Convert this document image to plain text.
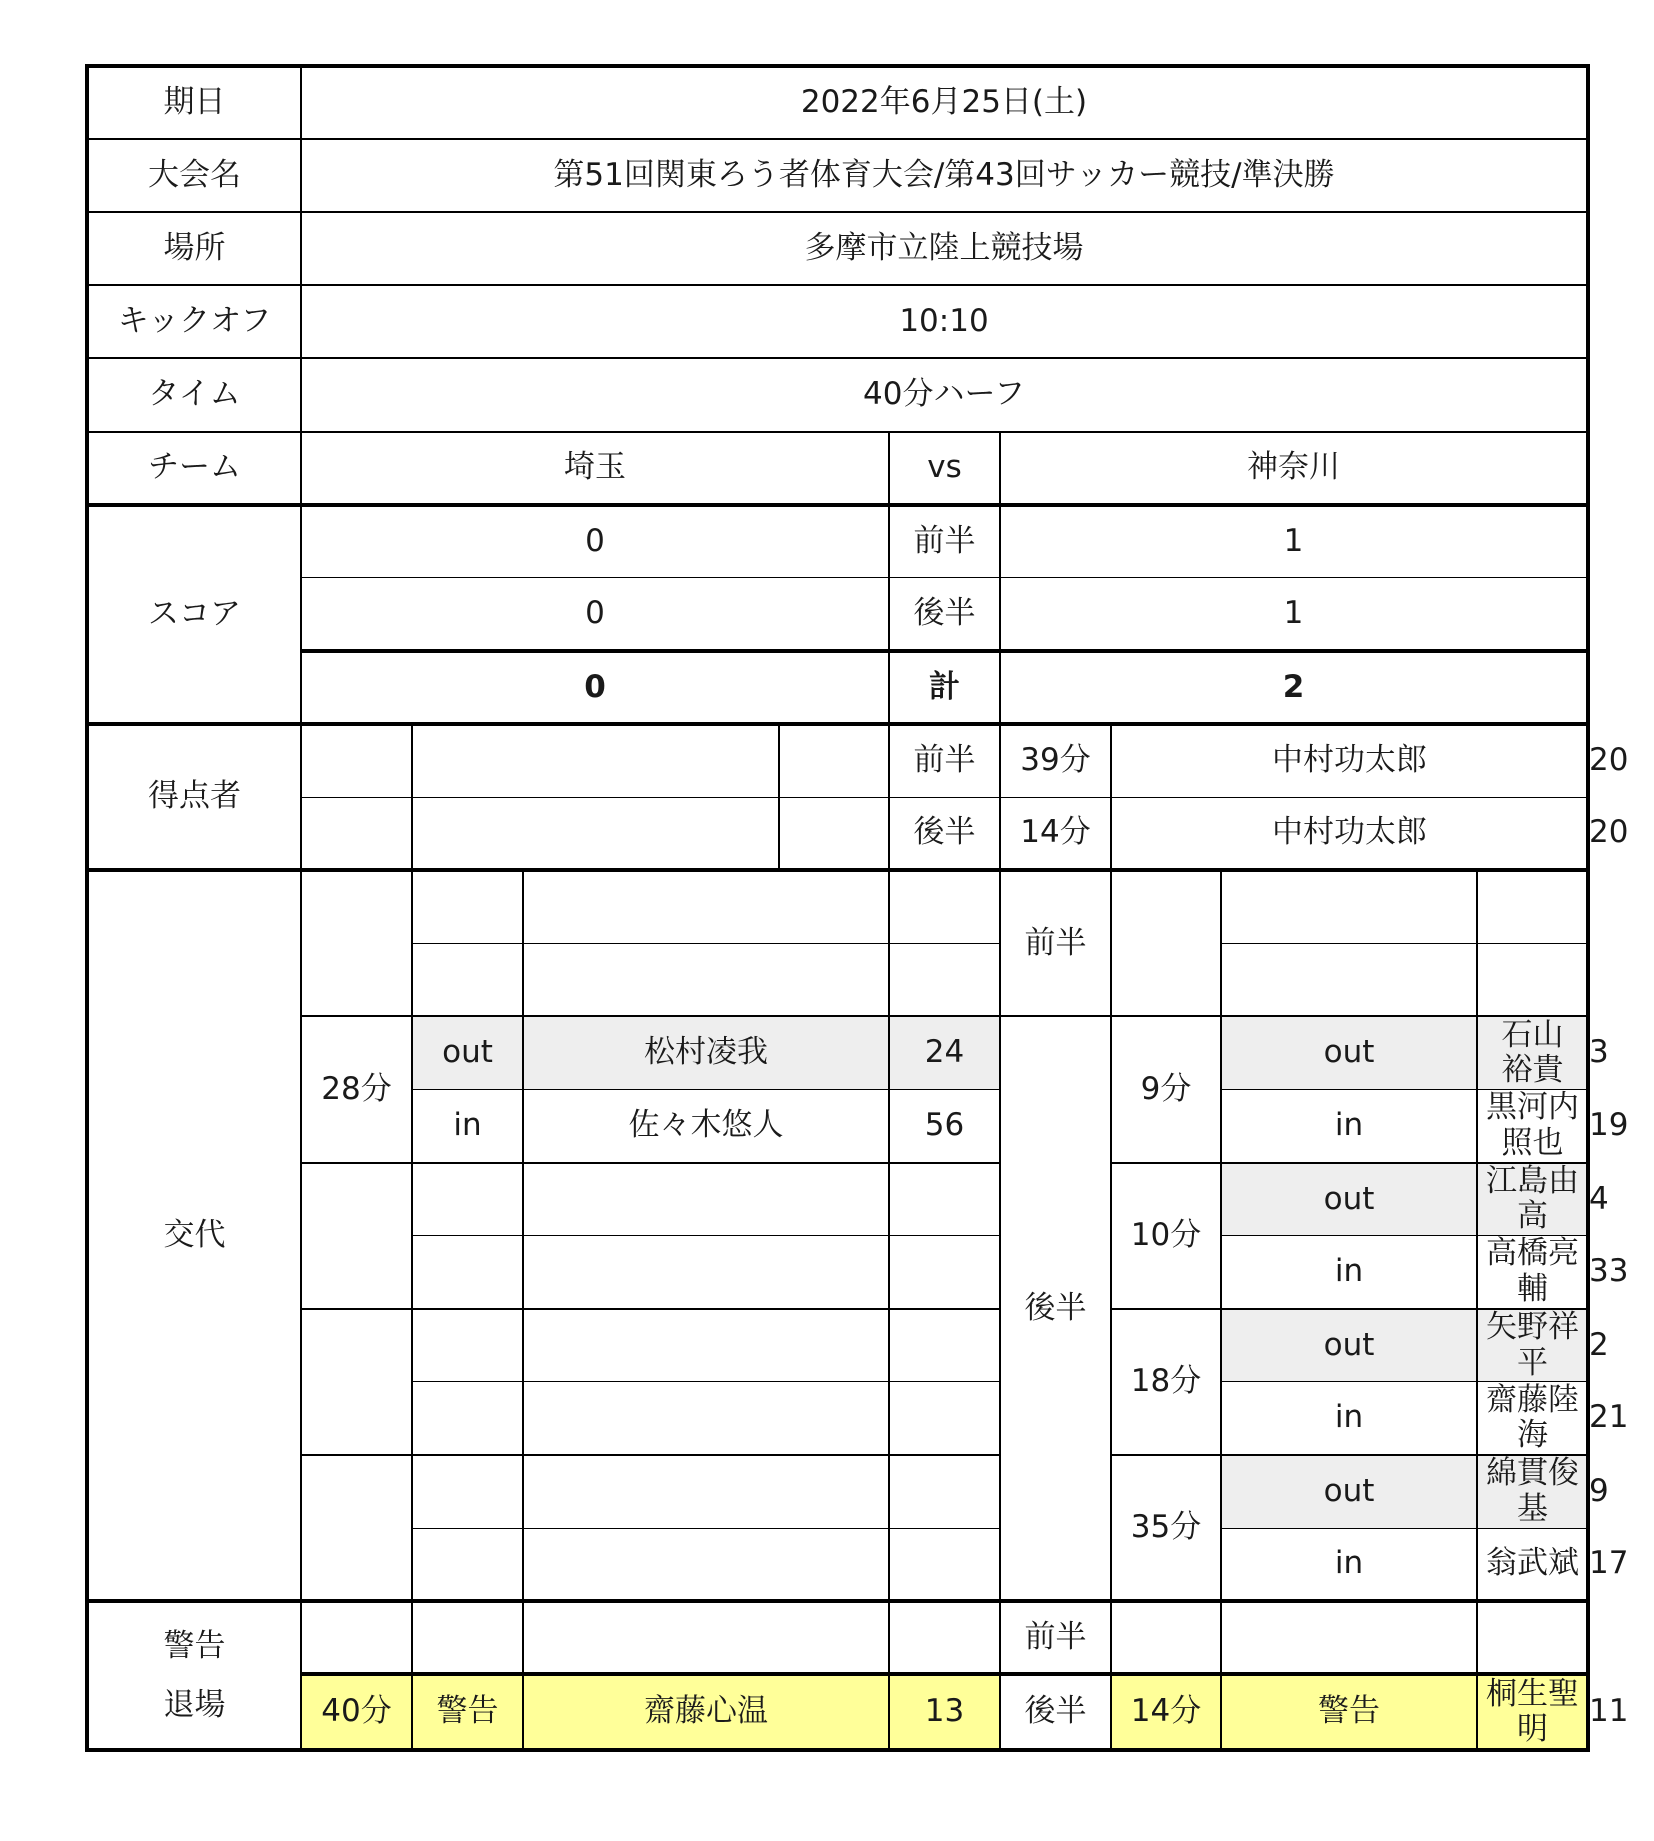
期日	2022年6月25日(土)									
大会名	第51回関東ろう者体育大会/第43回サッカー競技/準決勝									
場所	多摩市立陸上競技場									
キックオフ	10:10									
タイム	40分ハーフ									
チーム	埼玉				vs	神奈川				
スコア	0				前半	1				
	0				後半	1				
	0				計	2				
得点者					前半	39分	中村功太郎			20
					後半	14分	中村功太郎			20
交代						前半				

	28分	out	松村凌我		24	後半	9分	out	石山　裕貴	3
		in	佐々木悠人		56			in	黒河内照也	19
							10分	out	江島由高	4
								in	高橋亮輔	33
							18分	out	矢野祥平	2
								in	齋藤陸海	21
							35分	out	綿貫俊基	9
								in	翁武斌	17

警告
退場						前半				
	40分	警告	齋藤心温		13	後半	14分	警告	桐生聖明	11
